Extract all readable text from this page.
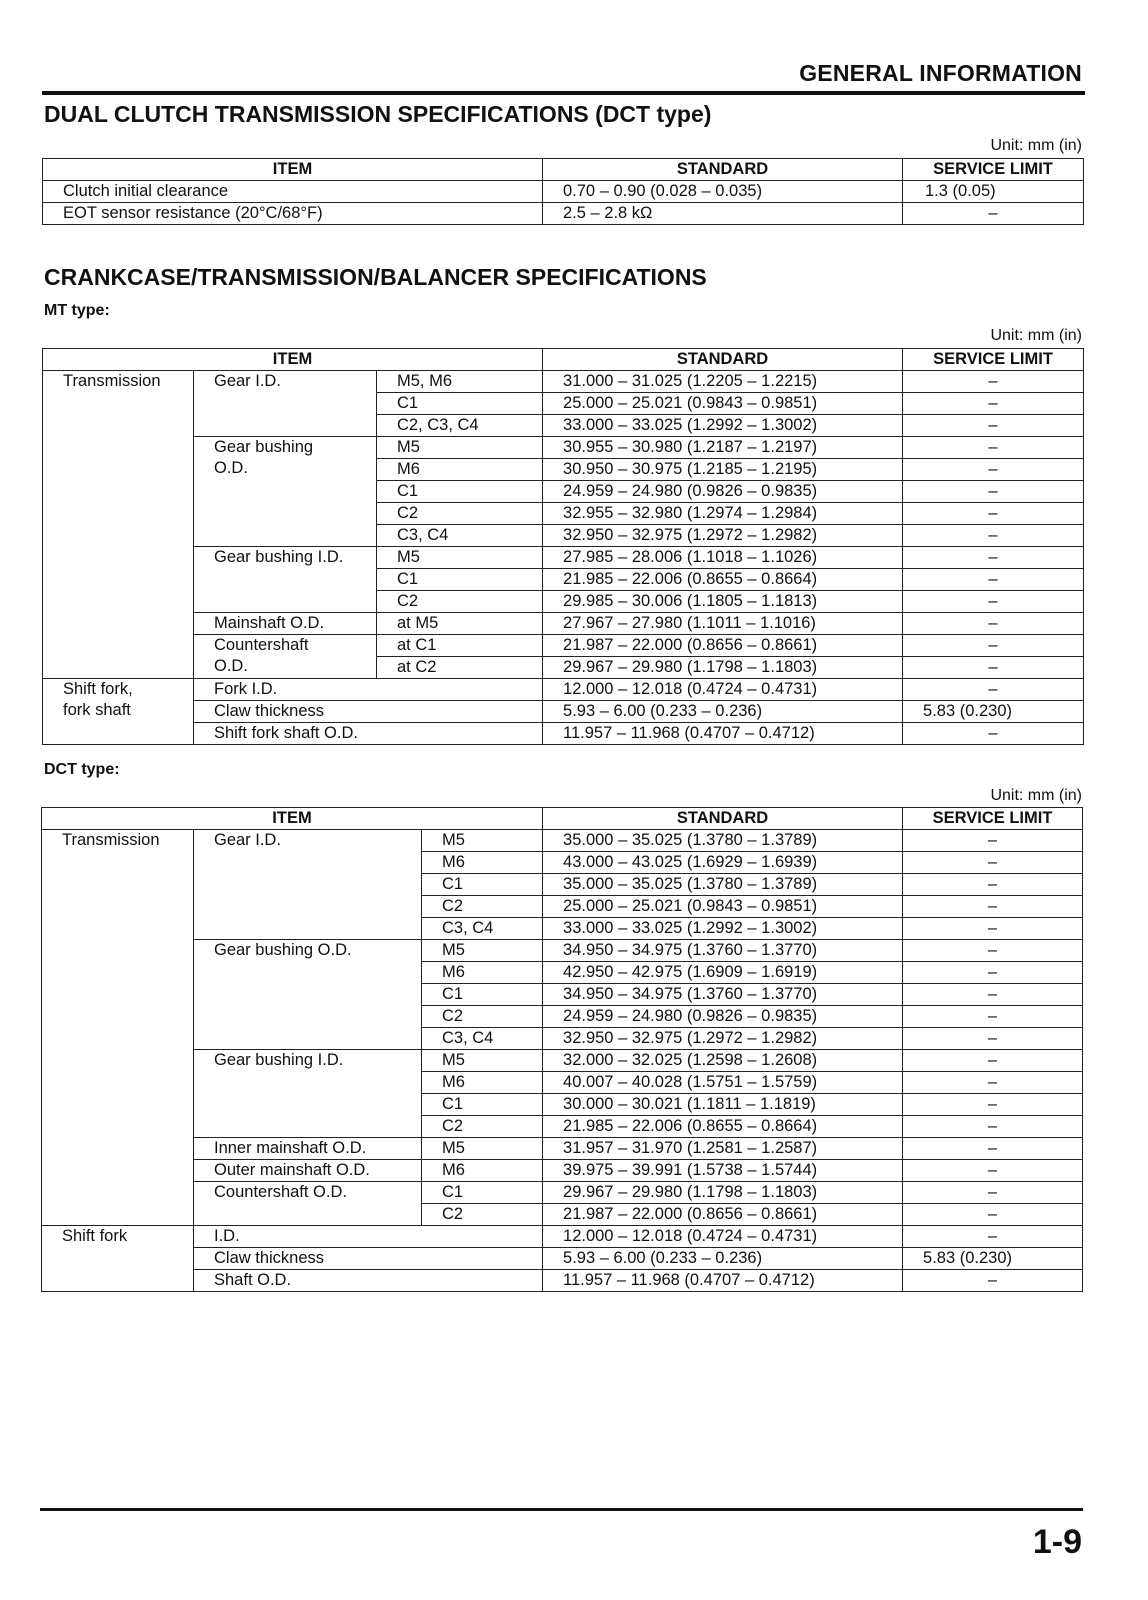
GENERAL INFORMATION
DUAL CLUTCH TRANSMISSION SPECIFICATIONS (DCT type)
Unit: mm (in)
ITEM	STANDARD	SERVICE LIMIT
Clutch initial clearance	0.70 – 0.90 (0.028 – 0.035)	1.3 (0.05)
EOT sensor resistance (20°C/68°F)	2.5 – 2.8 kΩ	–
CRANKCASE/TRANSMISSION/BALANCER SPECIFICATIONS
MT type:
Unit: mm (in)
ITEM			STANDARD	SERVICE LIMIT
Transmission	Gear I.D.	M5, M6	31.000 – 31.025 (1.2205 – 1.2215)	–
		C1	25.000 – 25.021 (0.9843 – 0.9851)	–
		C2, C3, C4	33.000 – 33.025 (1.2992 – 1.3002)	–
	Gear bushing
O.D.	M5	30.955 – 30.980 (1.2187 – 1.2197)	–
		M6	30.950 – 30.975 (1.2185 – 1.2195)	–
		C1	24.959 – 24.980 (0.9826 – 0.9835)	–
		C2	32.955 – 32.980 (1.2974 – 1.2984)	–
		C3, C4	32.950 – 32.975 (1.2972 – 1.2982)	–
	Gear bushing I.D.	M5	27.985 – 28.006 (1.1018 – 1.1026)	–
		C1	21.985 – 22.006 (0.8655 – 0.8664)	–
		C2	29.985 – 30.006 (1.1805 – 1.1813)	–
	Mainshaft O.D.	at M5	27.967 – 27.980 (1.1011 – 1.1016)	–
	Countershaft
O.D.	at C1	21.987 – 22.000 (0.8656 – 0.8661)	–
		at C2	29.967 – 29.980 (1.1798 – 1.1803)	–
Shift fork,
fork shaft	Fork I.D.		12.000 – 12.018 (0.4724 – 0.4731)	–
	Claw thickness		5.93 – 6.00 (0.233 – 0.236)	5.83 (0.230)
	Shift fork shaft O.D.		11.957 – 11.968 (0.4707 – 0.4712)	–
DCT type:
Unit: mm (in)
ITEM			STANDARD	SERVICE LIMIT
Transmission	Gear I.D.	M5	35.000 – 35.025 (1.3780 – 1.3789)	–
		M6	43.000 – 43.025 (1.6929 – 1.6939)	–
		C1	35.000 – 35.025 (1.3780 – 1.3789)	–
		C2	25.000 – 25.021 (0.9843 – 0.9851)	–
		C3, C4	33.000 – 33.025 (1.2992 – 1.3002)	–
	Gear bushing O.D.	M5	34.950 – 34.975 (1.3760 – 1.3770)	–
		M6	42.950 – 42.975 (1.6909 – 1.6919)	–
		C1	34.950 – 34.975 (1.3760 – 1.3770)	–
		C2	24.959 – 24.980 (0.9826 – 0.9835)	–
		C3, C4	32.950 – 32.975 (1.2972 – 1.2982)	–
	Gear bushing I.D.	M5	32.000 – 32.025 (1.2598 – 1.2608)	–
		M6	40.007 – 40.028 (1.5751 – 1.5759)	–
		C1	30.000 – 30.021 (1.1811 – 1.1819)	–
		C2	21.985 – 22.006 (0.8655 – 0.8664)	–
	Inner mainshaft O.D.	M5	31.957 – 31.970 (1.2581 – 1.2587)	–
	Outer mainshaft O.D.	M6	39.975 – 39.991 (1.5738 – 1.5744)	–
	Countershaft O.D.	C1	29.967 – 29.980 (1.1798 – 1.1803)	–
		C2	21.987 – 22.000 (0.8656 – 0.8661)	–
Shift fork	I.D.		12.000 – 12.018 (0.4724 – 0.4731)	–
	Claw thickness		5.93 – 6.00 (0.233 – 0.236)	5.83 (0.230)
	Shaft O.D.		11.957 – 11.968 (0.4707 – 0.4712)	–
1-9
